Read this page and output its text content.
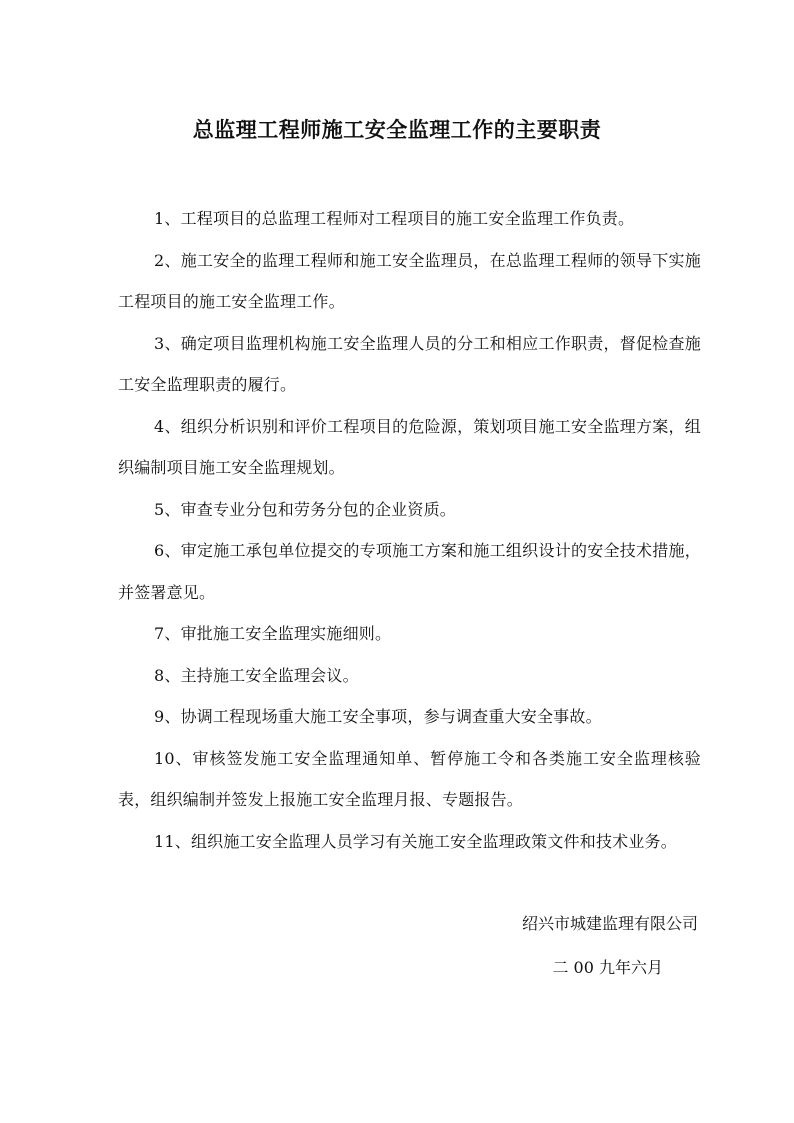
总监理工程师施工安全监理工作的主要职责

1、工程项目的总监理工程师对工程项目的施工安全监理工作负责。

2、施工安全的监理工程师和施工安全监理员，在总监理工程师的领导下实施工程项目的施工安全监理工作。

3、确定项目监理机构施工安全监理人员的分工和相应工作职责，督促检查施工安全监理职责的履行。

4、组织分析识别和评价工程项目的危险源，策划项目施工安全监理方案，组织编制项目施工安全监理规划。

5、审查专业分包和劳务分包的企业资质。

6、审定施工承包单位提交的专项施工方案和施工组织设计的安全技术措施，并签署意见。

7、审批施工安全监理实施细则。

8、主持施工安全监理会议。

9、协调工程现场重大施工安全事项，参与调查重大安全事故。

10、审核签发施工安全监理通知单、暂停施工令和各类施工安全监理核验表，组织编制并签发上报施工安全监理月报、专题报告。

11、组织施工安全监理人员学习有关施工安全监理政策文件和技术业务。

绍兴市城建监理有限公司

二 00 九年六月
